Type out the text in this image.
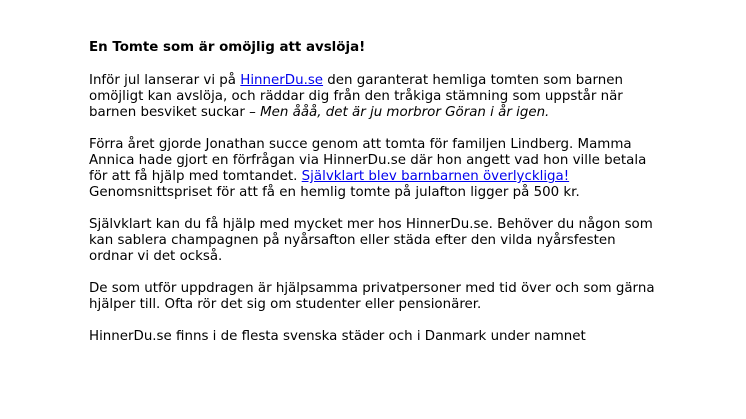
En Tomte som är omöjlig att avslöja!

Inför jul lanserar vi på HinnerDu.se den garanterat hemliga tomten som barnen omöjligt kan avslöja, och räddar dig från den tråkiga stämning som uppstår när barnen besviket suckar – Men ååå, det är ju morbror Göran i år igen.

Förra året gjorde Jonathan succe genom att tomta för familjen Lindberg. Mamma Annica hade gjort en förfrågan via HinnerDu.se där hon angett vad hon ville betala för att få hjälp med tomtandet. Självklart blev barnbarnen överlyckliga! Genomsnittspriset för att få en hemlig tomte på julafton ligger på 500 kr.

Självklart kan du få hjälp med mycket mer hos HinnerDu.se. Behöver du någon som kan sablera champagnen på nyårsafton eller städa efter den vilda nyårsfesten ordnar vi det också.

De som utför uppdragen är hjälpsamma privatpersoner med tid över och som gärna hjälper till. Ofta rör det sig om studenter eller pensionärer.

HinnerDu.se finns i de flesta svenska städer och i Danmark under namnet
